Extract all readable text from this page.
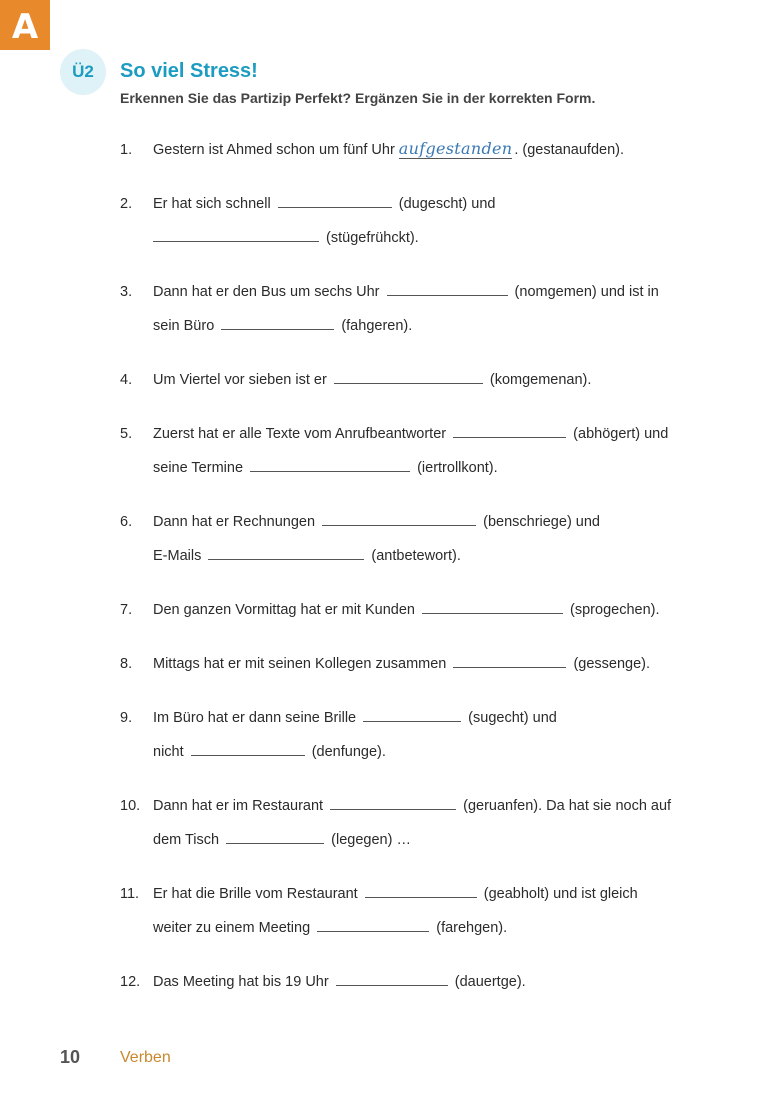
A
Ü2	So viel Stress!

Erkennen Sie das Partizip Perfekt? Ergänzen Sie in der korrekten Form.

1. Gestern ist Ahmed schon um fünf Uhr aufgestanden . (gestanaufden).
2. Er hat sich schnell	(dugescht) und
(stügefrühckt).
3. Dann hat er den Bus um sechs Uhr	(nomgemen) und ist in
sein Büro	(fahgeren).
4. Um Viertel vor sieben ist er	(komgemenan).
5. Zuerst hat er alle Texte vom Anrufbeantworter	(abhögert) und
seine Termine	(iertrollkont).
6. Dann hat er Rechnungen	(benschriege) und
E-Mails	(antbetewort).
7. Den ganzen Vormittag hat er mit Kunden	(sprogechen).
8. Mittags hat er mit seinen Kollegen zusammen	(gessenge).
9. Im Büro hat er dann seine Brille	(sugecht) und
nicht	(denfunge).
10. Dann hat er im Restaurant	(geruanfen). Da hat sie noch auf
dem Tisch	(legegen) …
11. Er hat die Brille vom Restaurant	(geabholt) und ist gleich
weiter zu einem Meeting	(farehgen).
12. Das Meeting hat bis 19 Uhr	(dauertge).
10 Verben
